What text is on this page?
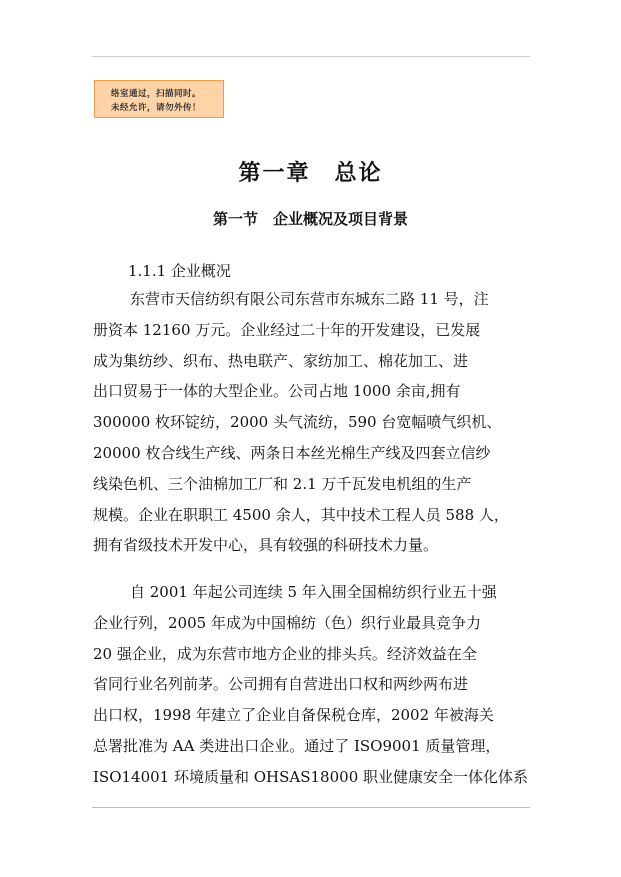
络室通过，扫描同时。
未经允许，请勿外传！
第一章　总论
第一节　企业概况及项目背景
1.1.1 企业概况
东营市天信纺织有限公司东营市东城东二路 11 号，注
册资本 12160 万元。企业经过二十年的开发建设，已发展
成为集纺纱、织布、热电联产、家纺加工、棉花加工、进
出口贸易于一体的大型企业。公司占地 1000 余亩,拥有
300000 枚环锭纺，2000 头气流纺，590 台宽幅喷气织机、
20000 枚合线生产线、两条日本丝光棉生产线及四套立信纱
线染色机、三个油棉加工厂和 2.1 万千瓦发电机组的生产
规模。企业在职职工 4500 余人，其中技术工程人员 588 人，
拥有省级技术开发中心，具有较强的科研技术力量。
自 2001 年起公司连续 5 年入围全国棉纺织行业五十强
企业行列，2005 年成为中国棉纺（色）织行业最具竞争力
20 强企业，成为东营市地方企业的排头兵。经济效益在全
省同行业名列前茅。公司拥有自营进出口权和两纱两布进
出口权，1998 年建立了企业自备保税仓库，2002 年被海关
总署批准为 AA 类进出口企业。通过了 ISO9001 质量管理，
ISO14001 环境质量和 OHSAS18000 职业健康安全一体化体系
